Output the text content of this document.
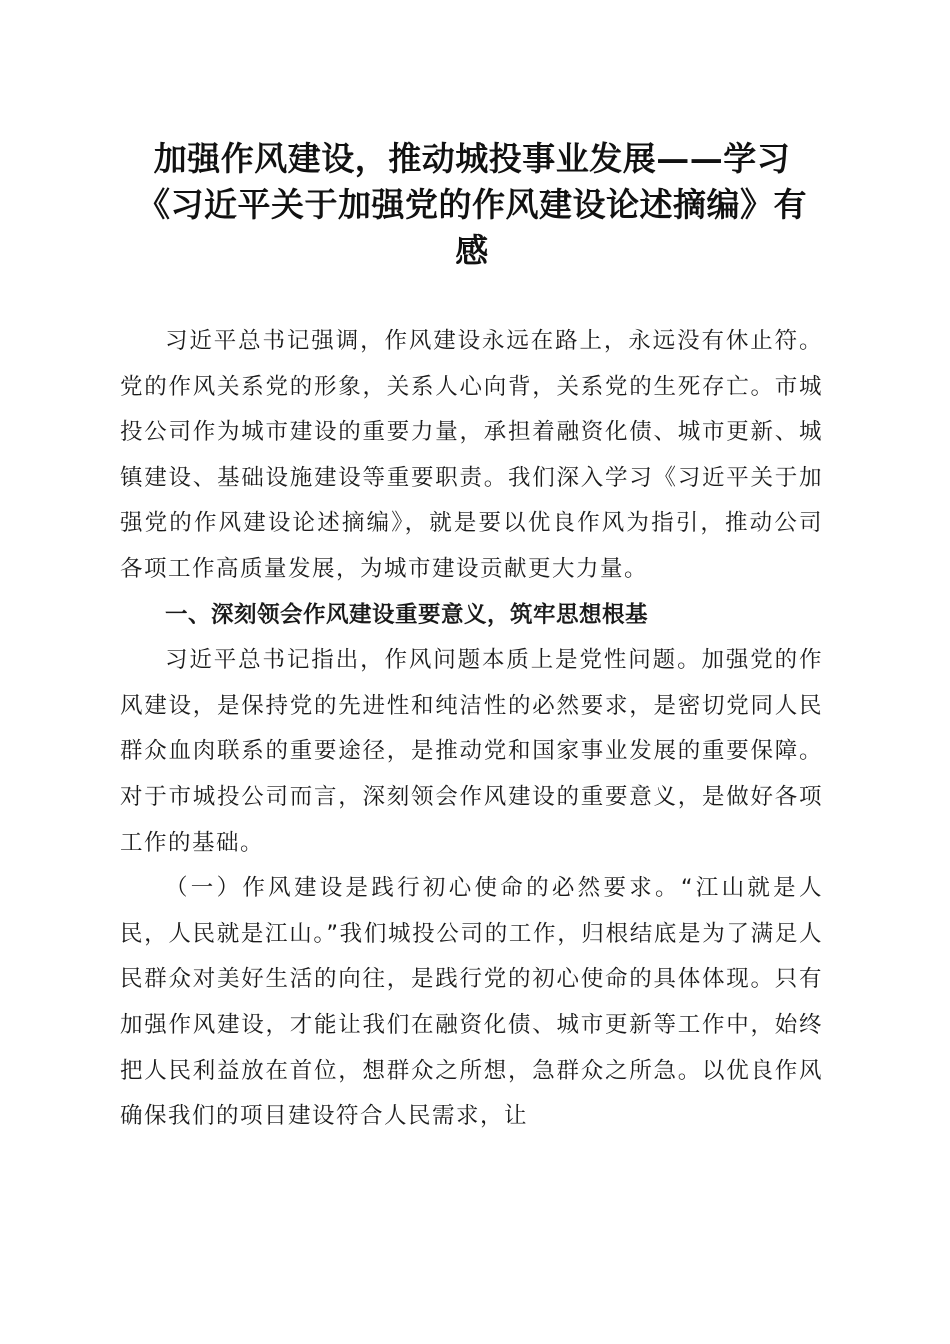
加强作风建设，推动城投事业发展——学习
《习近平关于加强党的作风建设论述摘编》有
感

习近平总书记强调，作风建设永远在路上，永远没有休止符。党的作风关系党的形象，关系人心向背，关系党的生死存亡。市城投公司作为城市建设的重要力量，承担着融资化债、城市更新、城镇建设、基础设施建设等重要职责。我们深入学习《习近平关于加强党的作风建设论述摘编》，就是要以优良作风为指引，推动公司各项工作高质量发展，为城市建设贡献更大力量。

一、深刻领会作风建设重要意义，筑牢思想根基

习近平总书记指出，作风问题本质上是党性问题。加强党的作风建设，是保持党的先进性和纯洁性的必然要求，是密切党同人民群众血肉联系的重要途径，是推动党和国家事业发展的重要保障。对于市城投公司而言，深刻领会作风建设的重要意义，是做好各项工作的基础。

（一）作风建设是践行初心使命的必然要求。“江山就是人民，人民就是江山。”我们城投公司的工作，归根结底是为了满足人民群众对美好生活的向往，是践行党的初心使命的具体体现。只有加强作风建设，才能让我们在融资化债、城市更新等工作中，始终把人民利益放在首位，想群众之所想，急群众之所急。以优良作风确保我们的项目建设符合人民需求，让
